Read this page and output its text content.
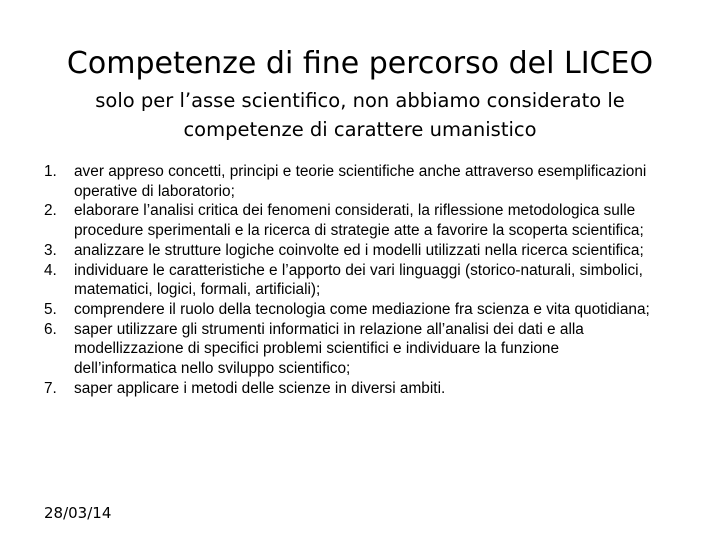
Competenze di fine percorso del LICEO
solo per l’asse scientifico, non abbiamo considerato le competenze di carattere umanistico
1. aver appreso concetti, principi e teorie scientifiche anche attraverso esemplificazioni operative di laboratorio;
2. elaborare l’analisi critica dei fenomeni considerati, la riflessione metodologica sulle procedure sperimentali e la ricerca di strategie atte a favorire la scoperta scientifica;
3. analizzare le strutture logiche coinvolte ed i modelli utilizzati nella ricerca scientifica;
4. individuare le caratteristiche e l’apporto dei vari linguaggi (storico-naturali, simbolici, matematici, logici, formali, artificiali);
5. comprendere il ruolo della tecnologia come mediazione fra scienza e vita quotidiana;
6. saper utilizzare gli strumenti informatici in relazione all’analisi dei dati e alla modellizzazione di specifici problemi scientifici e individuare la funzione dell’informatica nello sviluppo scientifico;
7. saper applicare i metodi delle scienze in diversi ambiti.
28/03/14
